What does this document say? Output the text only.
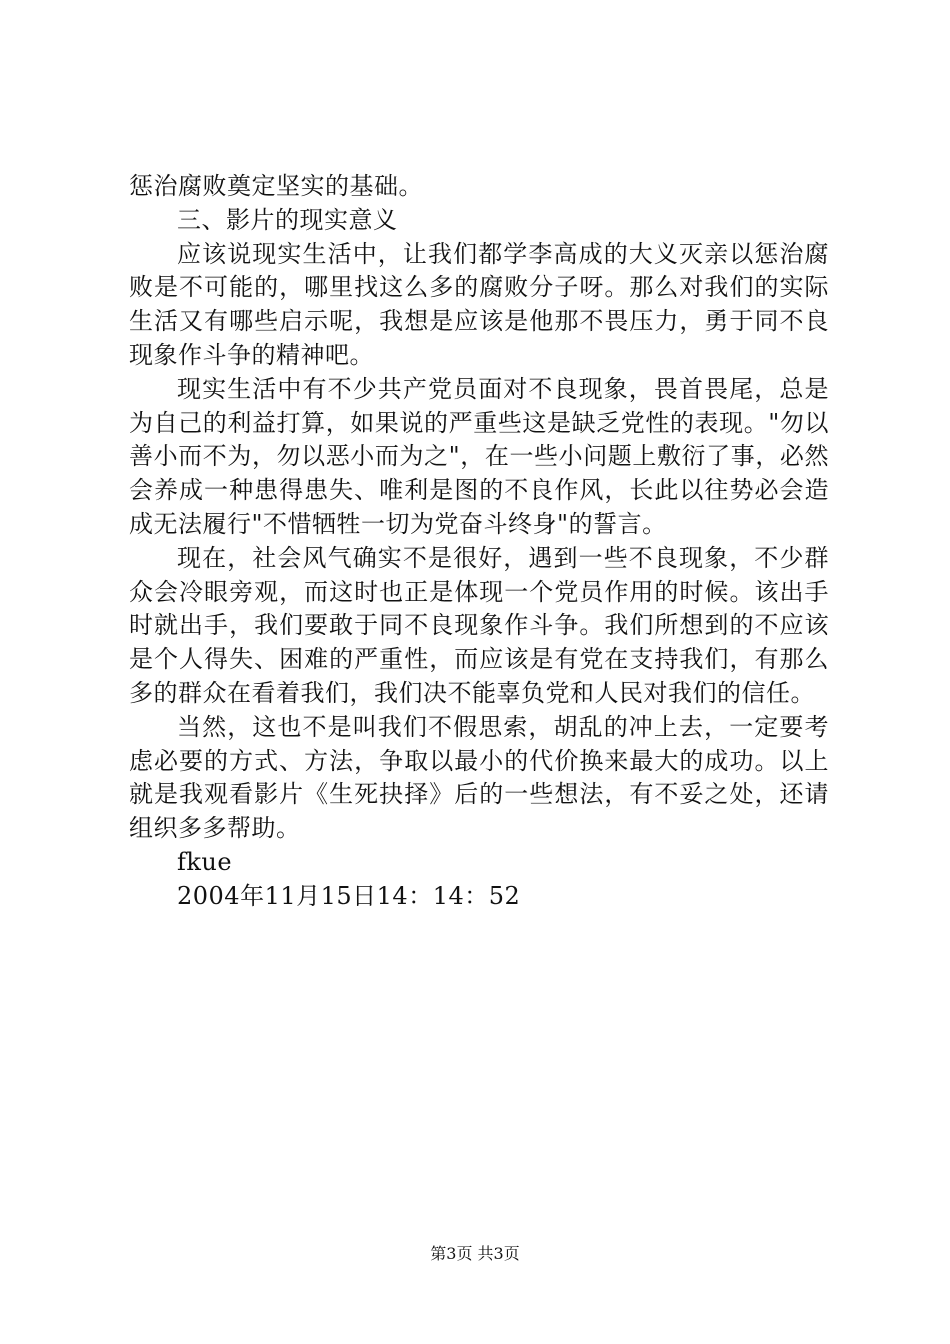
惩治腐败奠定坚实的基础。

三、影片的现实意义

应该说现实生活中，让我们都学李高成的大义灭亲以惩治腐败是不可能的，哪里找这么多的腐败分子呀。那么对我们的实际生活又有哪些启示呢，我想是应该是他那不畏压力，勇于同不良现象作斗争的精神吧。

现实生活中有不少共产党员面对不良现象，畏首畏尾，总是为自己的利益打算，如果说的严重些这是缺乏党性的表现。"勿以善小而不为，勿以恶小而为之"，在一些小问题上敷衍了事，必然会养成一种患得患失、唯利是图的不良作风，长此以往势必会造成无法履行"不惜牺牲一切为党奋斗终身"的誓言。

现在，社会风气确实不是很好，遇到一些不良现象，不少群众会冷眼旁观，而这时也正是体现一个党员作用的时候。该出手时就出手，我们要敢于同不良现象作斗争。我们所想到的不应该是个人得失、困难的严重性，而应该是有党在支持我们，有那么多的群众在看着我们，我们决不能辜负党和人民对我们的信任。

当然，这也不是叫我们不假思索，胡乱的冲上去，一定要考虑必要的方式、方法，争取以最小的代价换来最大的成功。以上就是我观看影片《生死抉择》后的一些想法，有不妥之处，还请组织多多帮助。

fkue

2004年11月15日14：14：52

第3页 共3页
